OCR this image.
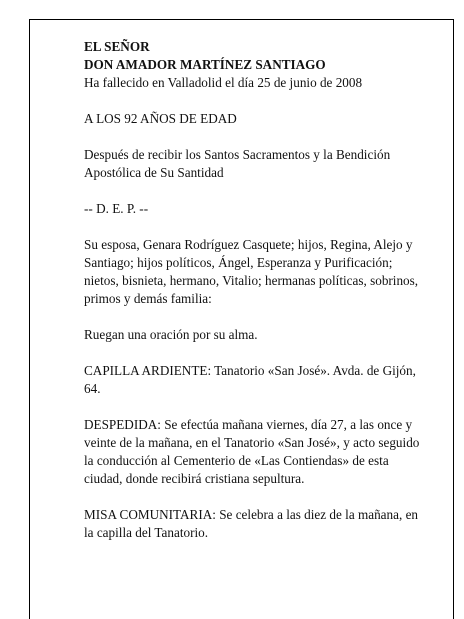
EL SEÑOR
DON AMADOR MARTÍNEZ SANTIAGO
Ha fallecido en Valladolid el día 25 de junio de 2008

A LOS 92 AÑOS DE EDAD

Después de recibir los Santos Sacramentos y la Bendición Apostólica de Su Santidad

-- D. E. P. --

Su esposa, Genara Rodríguez Casquete; hijos, Regina, Alejo y Santiago; hijos políticos, Ángel, Esperanza y Purificación; nietos, bisnieta, hermano, Vitalio; hermanas políticas, sobrinos, primos y demás familia:

Ruegan una oración por su alma.

CAPILLA ARDIENTE: Tanatorio «San José». Avda. de Gijón, 64.

DESPEDIDA: Se efectúa mañana viernes, día 27, a las once y veinte de la mañana, en el Tanatorio «San José», y acto seguido la conducción al Cementerio de «Las Contiendas» de esta ciudad, donde recibirá cristiana sepultura.

MISA COMUNITARIA: Se celebra a las diez de la mañana, en la capilla del Tanatorio.
